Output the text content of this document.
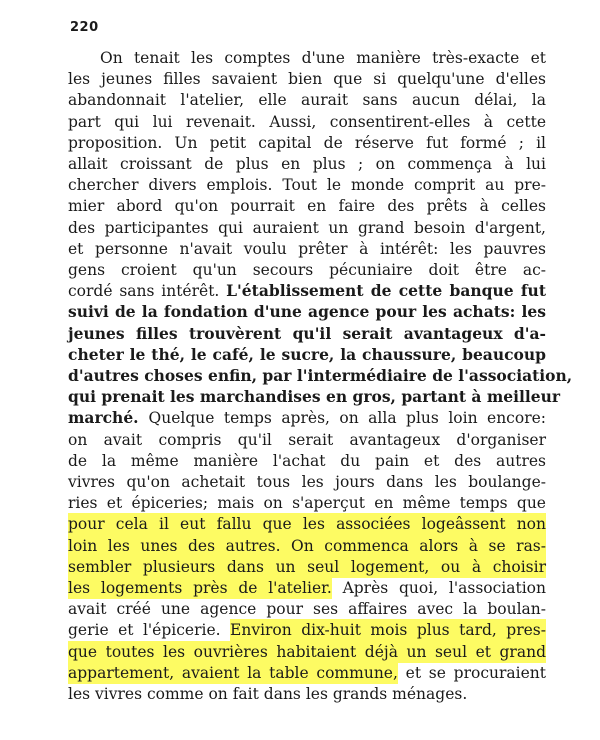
220
On tenait les comptes d'une manière très-exacte et
les jeunes filles savaient bien que si quelqu'une d'elles
abandonnait l'atelier, elle aurait sans aucun délai, la
part qui lui revenait. Aussi, consentirent-elles à cette
proposition. Un petit capital de réserve fut formé ; il
allait croissant de plus en plus ; on commença à lui
chercher divers emplois. Tout le monde comprit au pre-
mier abord qu'on pourrait en faire des prêts à celles
des participantes qui auraient un grand besoin d'argent,
et personne n'avait voulu prêter à intérêt: les pauvres
gens croient qu'un secours pécuniaire doit être ac-
cordé sans intérêt. L'établissement de cette banque fut
suivi de la fondation d'une agence pour les achats: les
jeunes filles trouvèrent qu'il serait avantageux d'a-
cheter le thé, le café, le sucre, la chaussure, beaucoup
d'autres choses enfin, par l'intermédiaire de l'association,
qui prenait les marchandises en gros, partant à meilleur
marché. Quelque temps après, on alla plus loin encore:
on avait compris qu'il serait avantageux d'organiser
de la même manière l'achat du pain et des autres
vivres qu'on achetait tous les jours dans les boulange-
ries et épiceries; mais on s'aperçut en même temps que
pour cela il eut fallu que les associées logeâssent non
loin les unes des autres. On commenca alors à se ras-
sembler plusieurs dans un seul logement, ou à choisir
les logements près de l'atelier. Après quoi, l'association
avait créé une agence pour ses affaires avec la boulan-
gerie et l'épicerie. Environ dix-huit mois plus tard, pres-
que toutes les ouvrières habitaient déjà un seul et grand
appartement, avaient la table commune, et se procuraient
les vivres comme on fait dans les grands ménages.
